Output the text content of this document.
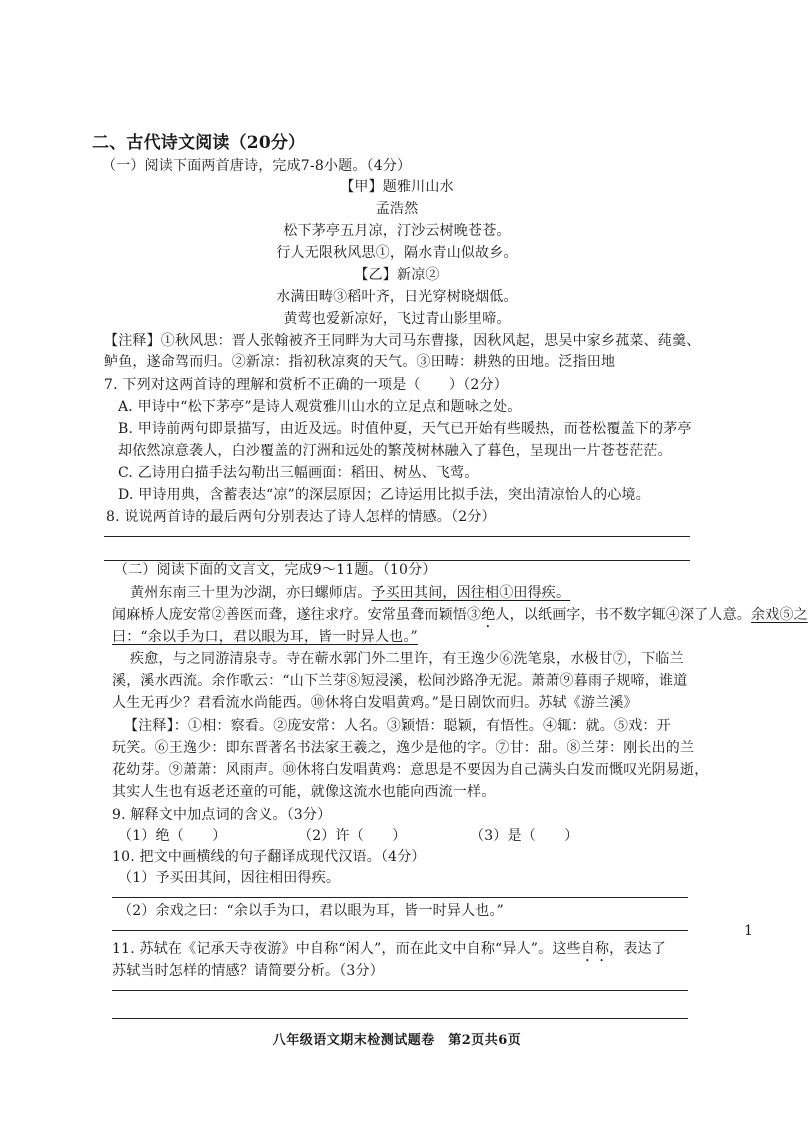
二、古代诗文阅读（20分）
（一）阅读下面两首唐诗，完成7-8小题。（4分）
【甲】题雅川山水
孟浩然
松下茅亭五月凉，汀沙云树晚苍苍。
行人无限秋风思①，隔水青山似故乡。
【乙】新凉②
水满田畴③稻叶齐，日光穿树晓烟低。
黄莺也爱新凉好，飞过青山影里啼。
【注释】①秋风思：晋人张翰被齐王同畔为大司马东曹掾，因秋风起，思吴中家乡菰菜、莼羹、
鲈鱼，遂命驾而归。②新凉：指初秋凉爽的天气。③田畴：耕熟的田地。泛指田地
7. 下列对这两首诗的理解和赏析不正确的一项是（　　）（2分）
A. 甲诗中“松下茅亭”是诗人观赏雅川山水的立足点和题咏之处。
B. 甲诗前两句即景描写，由近及远。时值仲夏，天气已开始有些暖热，而苍松覆盖下的茅亭
却依然凉意袭人，白沙覆盖的汀洲和远处的繁茂树林融入了暮色，呈现出一片苍苍茫茫。
C. 乙诗用白描手法勾勒出三幅画面：稻田、树丛、飞莺。
D. 甲诗用典，含蓄表达“凉”的深层原因；乙诗运用比拟手法，突出清凉怡人的心境。
8. 说说两首诗的最后两句分别表达了诗人怎样的情感。（2分）
（二）阅读下面的文言文，完成9～11题。（10分）
黄州东南三十里为沙湖，亦曰螺师店。予买田其间，因往相①田得疾。
闻麻桥人庞安常②善医而聋，遂往求疗。安常虽聋而颖悟③绝人，以纸画字，书不数字辄④深了人意。余戏⑤之
曰：“余以手为口，君以眼为耳，皆一时异人也。”
疾愈，与之同游清泉寺。寺在蕲水郭门外二里许，有王逸少⑥洗笔泉，水极甘⑦，下临兰
溪，溪水西流。余作歌云：“山下兰芽⑧短浸溪，松间沙路净无泥。萧萧⑨暮雨子规啼，谁道
人生无再少？君看流水尚能西。⑩休将白发唱黄鸡。”是日剧饮而归。苏轼《游兰溪》
【注释】：①相：察看。②庞安常：人名。③颖悟：聪颖，有悟性。④辄：就。⑤戏：开
玩笑。⑥王逸少：即东晋著名书法家王羲之，逸少是他的字。⑦甘：甜。⑧兰芽：刚长出的兰
花幼芽。⑨萧萧：风雨声。⑩休将白发唱黄鸡：意思是不要因为自己满头白发而慨叹光阴易逝，
其实人生也有返老还童的可能，就像这流水也能向西流一样。
9. 解释文中加点词的含义。（3分）
（1）绝（　　）	（2）许（　　）	（3）是（　　）
10. 把文中画横线的句子翻译成现代汉语。（4分）
（1）予买田其间，因往相田得疾。
（2）余戏之曰：“余以手为口，君以眼为耳，皆一时异人也。”
11. 苏轼在《记承天寺夜游》中自称“闲人”，而在此文中自称“异人”。这些自称，表达了
苏轼当时怎样的情感？请简要分析。（3分）
1
八年级语文期末检测试题卷　第2页共6页
